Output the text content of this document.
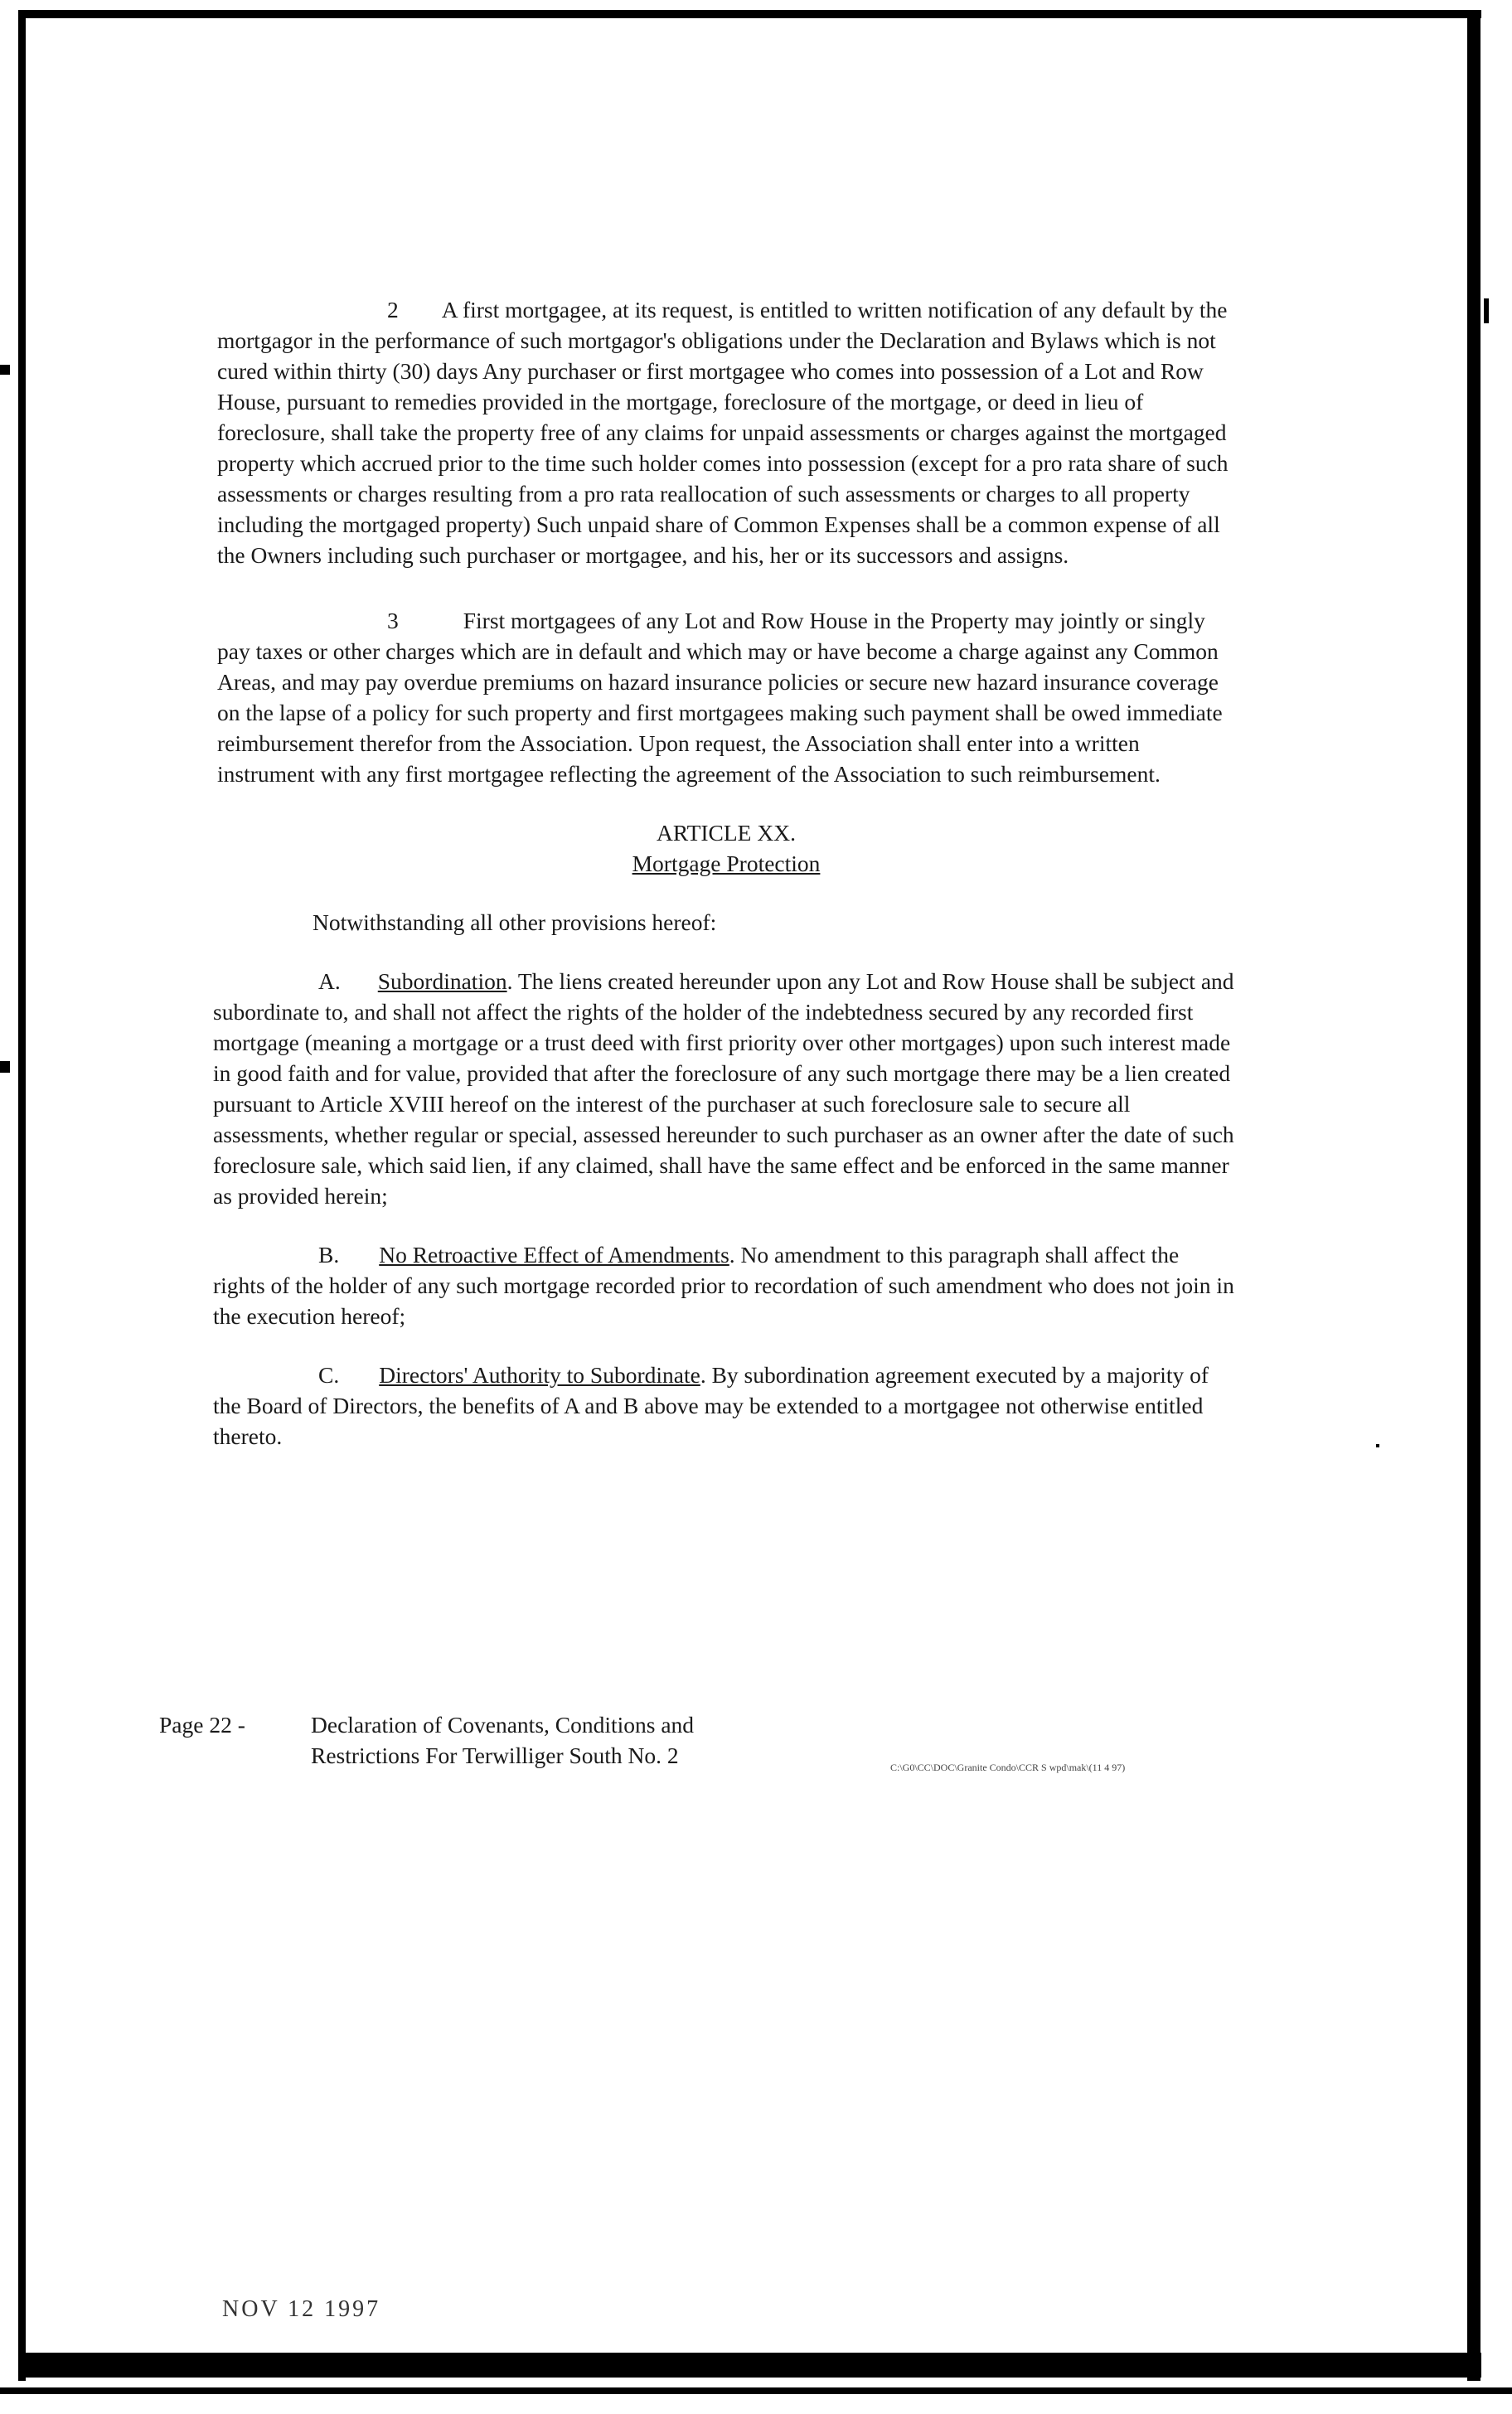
2 A first mortgagee, at its request, is entitled to written notification of any default by the mortgagor in the performance of such mortgagor's obligations under the Declaration and Bylaws which is not cured within thirty (30) days Any purchaser or first mortgagee who comes into possession of a Lot and Row House, pursuant to remedies provided in the mortgage, foreclosure of the mortgage, or deed in lieu of foreclosure, shall take the property free of any claims for unpaid assessments or charges against the mortgaged property which accrued prior to the time such holder comes into possession (except for a pro rata share of such assessments or charges resulting from a pro rata reallocation of such assessments or charges to all property including the mortgaged property) Such unpaid share of Common Expenses shall be a common expense of all the Owners including such purchaser or mortgagee, and his, her or its successors and assigns.

3	First mortgagees of any Lot and Row House in the Property may jointly or singly pay taxes or other charges which are in default and which may or have become a charge against any Common Areas, and may pay overdue premiums on hazard insurance policies or secure new hazard insurance coverage on the lapse of a policy for such property and first mortgagees making such payment shall be owed immediate reimbursement therefor from the Association. Upon request, the Association shall enter into a written instrument with any first mortgagee reflecting the agreement of the Association to such reimbursement.

ARTICLE XX.

Mortgage Protection

Notwithstanding all other provisions hereof:

A. Subordination. The liens created hereunder upon any Lot and Row House shall be subject and subordinate to, and shall not affect the rights of the holder of the indebtedness secured by any recorded first mortgage (meaning a mortgage or a trust deed with first priority over other mortgages) upon such interest made in good faith and for value, provided that after the foreclosure of any such mortgage there may be a lien created pursuant to Article XVIII hereof on the interest of the purchaser at such foreclosure sale to secure all assessments, whether regular or special, assessed hereunder to such purchaser as an owner after the date of such foreclosure sale, which said lien, if any claimed, shall have the same effect and be enforced in the same manner as provided herein;

B. No Retroactive Effect of Amendments. No amendment to this paragraph shall affect the rights of the holder of any such mortgage recorded prior to recordation of such amendment who does not join in the execution hereof;

C. Directors' Authority to Subordinate. By subordination agreement executed by a majority of the Board of Directors, the benefits of A and B above may be extended to a mortgagee not otherwise entitled thereto.

Page 22 -	Declaration of Covenants, Conditions and
Restrictions For Terwilliger South No. 2	C:\G0\CC\DOC\Granite Condo\CCR S wpd\mak\(11 4 97)
NOV 12 1997
